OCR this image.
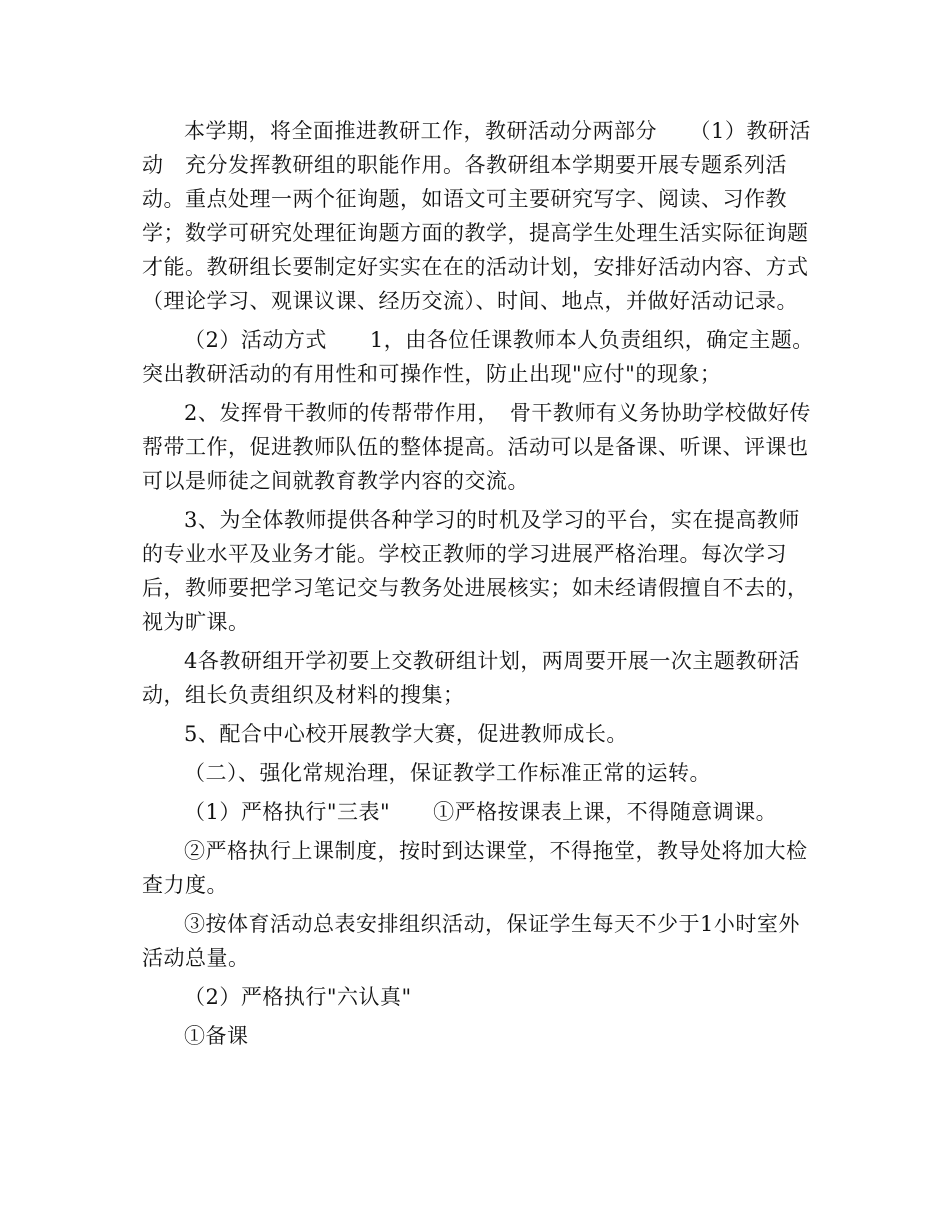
本学期，将全面推进教研工作，教研活动分两部分　　（1）教研活动　充分发挥教研组的职能作用。各教研组本学期要开展专题系列活动。重点处理一两个征询题，如语文可主要研究写字、阅读、习作教学；数学可研究处理征询题方面的教学，提高学生处理生活实际征询题才能。教研组长要制定好实实在在的活动计划，安排好活动内容、方式（理论学习、观课议课、经历交流）、时间、地点，并做好活动记录。

（2）活动方式　　1，由各位任课教师本人负责组织，确定主题。突出教研活动的有用性和可操作性，防止出现"应付"的现象；

2、发挥骨干教师的传帮带作用，　骨干教师有义务协助学校做好传帮带工作，促进教师队伍的整体提高。活动可以是备课、听课、评课也可以是师徒之间就教育教学内容的交流。

3、为全体教师提供各种学习的时机及学习的平台，实在提高教师的专业水平及业务才能。学校正教师的学习进展严格治理。每次学习后，教师要把学习笔记交与教务处进展核实；如未经请假擅自不去的，视为旷课。

4各教研组开学初要上交教研组计划，两周要开展一次主题教研活动，组长负责组织及材料的搜集；

5、配合中心校开展教学大赛，促进教师成长。

（二）、强化常规治理，保证教学工作标准正常的运转。

（1）严格执行"三表"　　①严格按课表上课，不得随意调课。

②严格执行上课制度，按时到达课堂，不得拖堂，教导处将加大检查力度。

③按体育活动总表安排组织活动，保证学生每天不少于1小时室外活动总量。

（2）严格执行"六认真"

①备课
